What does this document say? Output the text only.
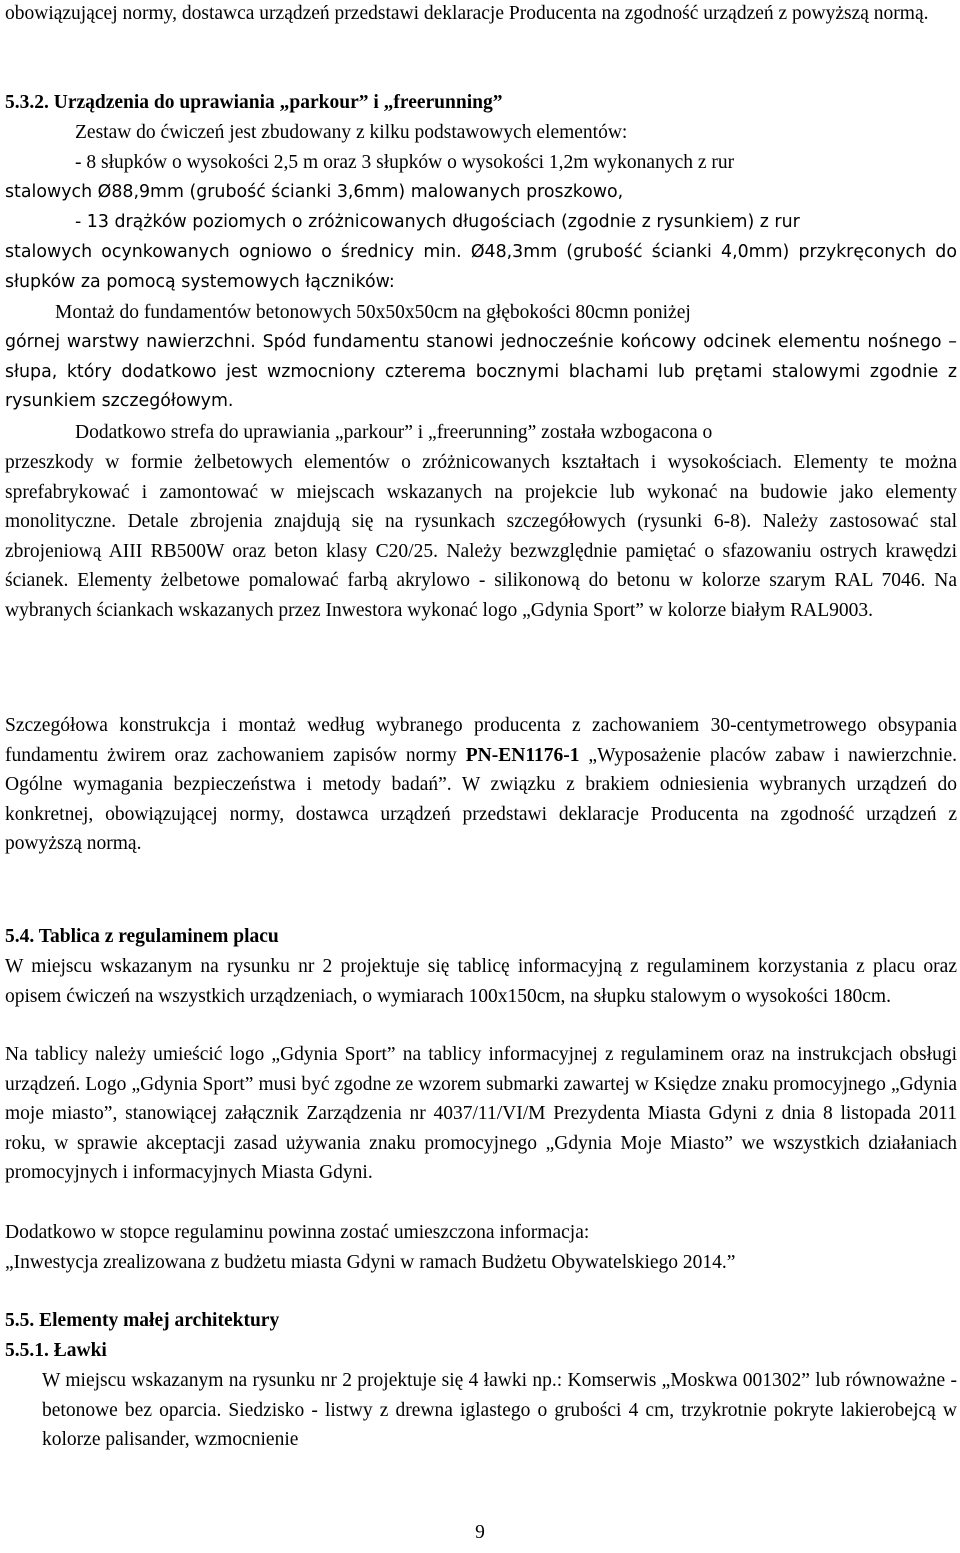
obowiązującej normy, dostawca urządzeń przedstawi deklaracje Producenta na zgodność urządzeń z powyższą normą.

5.3.2. Urządzenia do uprawiania „parkour” i „freerunning”

Zestaw do ćwiczeń jest zbudowany z kilku podstawowych elementów:

- 8 słupków o wysokości 2,5 m oraz 3 słupków o wysokości 1,2m wykonanych z rur

stalowych Ø88,9mm (grubość ścianki 3,6mm) malowanych proszkowo,

- 13 drążków poziomych o zróżnicowanych długościach (zgodnie z rysunkiem) z rur

stalowych ocynkowanych ogniowo o średnicy min. Ø48,3mm (grubość ścianki 4,0mm) przykręconych do słupków za pomocą systemowych łączników:

Montaż do fundamentów betonowych 50x50x50cm na głębokości 80cmn poniżej

górnej warstwy nawierzchni. Spód fundamentu stanowi jednocześnie końcowy odcinek elementu nośnego – słupa, który dodatkowo jest wzmocniony czterema bocznymi blachami lub prętami stalowymi zgodnie z rysunkiem szczegółowym.

Dodatkowo strefa do uprawiania „parkour” i „freerunning” została wzbogacona o

przeszkody w formie żelbetowych elementów o zróżnicowanych kształtach i wysokościach. Elementy te można sprefabrykować i zamontować w miejscach wskazanych na projekcie lub wykonać na budowie jako elementy monolityczne. Detale zbrojenia znajdują się na rysunkach szczegółowych (rysunki 6-8). Należy zastosować stal zbrojeniową AIII RB500W oraz beton klasy C20/25. Należy bezwzględnie pamiętać o sfazowaniu ostrych krawędzi ścianek. Elementy żelbetowe pomalować farbą akrylowo - silikonową do betonu w kolorze szarym RAL 7046. Na wybranych ściankach wskazanych przez Inwestora wykonać logo „Gdynia Sport” w kolorze białym RAL9003.

Szczegółowa konstrukcja i montaż według wybranego producenta z zachowaniem 30-centymetrowego obsypania fundamentu żwirem oraz zachowaniem zapisów normy PN-EN1176-1 „Wyposażenie placów zabaw i nawierzchnie. Ogólne wymagania bezpieczeństwa i metody badań”. W związku z brakiem odniesienia wybranych urządzeń do konkretnej, obowiązującej normy, dostawca urządzeń przedstawi deklaracje Producenta na zgodność urządzeń z powyższą normą.

5.4. Tablica z regulaminem placu

W miejscu wskazanym na rysunku nr 2 projektuje się tablicę informacyjną z regulaminem korzystania z placu oraz opisem ćwiczeń na wszystkich urządzeniach, o wymiarach 100x150cm, na słupku stalowym o wysokości 180cm.

Na tablicy należy umieścić logo „Gdynia Sport” na tablicy informacyjnej z regulaminem oraz na instrukcjach obsługi urządzeń. Logo „Gdynia Sport” musi być zgodne ze wzorem submarki zawartej w Księdze znaku promocyjnego „Gdynia moje miasto”, stanowiącej załącznik Zarządzenia nr 4037/11/VI/M Prezydenta Miasta Gdyni z dnia 8 listopada 2011 roku, w sprawie akceptacji zasad używania znaku promocyjnego „Gdynia Moje Miasto” we wszystkich działaniach promocyjnych i informacyjnych Miasta Gdyni.

Dodatkowo w stopce regulaminu powinna zostać umieszczona informacja:

„Inwestycja zrealizowana z budżetu miasta Gdyni w ramach Budżetu Obywatelskiego 2014.”

5.5. Elementy małej architektury

5.5.1. Ławki

W miejscu wskazanym na rysunku nr 2 projektuje się 4 ławki np.: Komserwis „Moskwa 001302” lub równoważne - betonowe bez oparcia. Siedzisko - listwy z drewna iglastego o grubości 4 cm, trzykrotnie pokryte lakierobejcą w kolorze palisander, wzmocnienie

9
